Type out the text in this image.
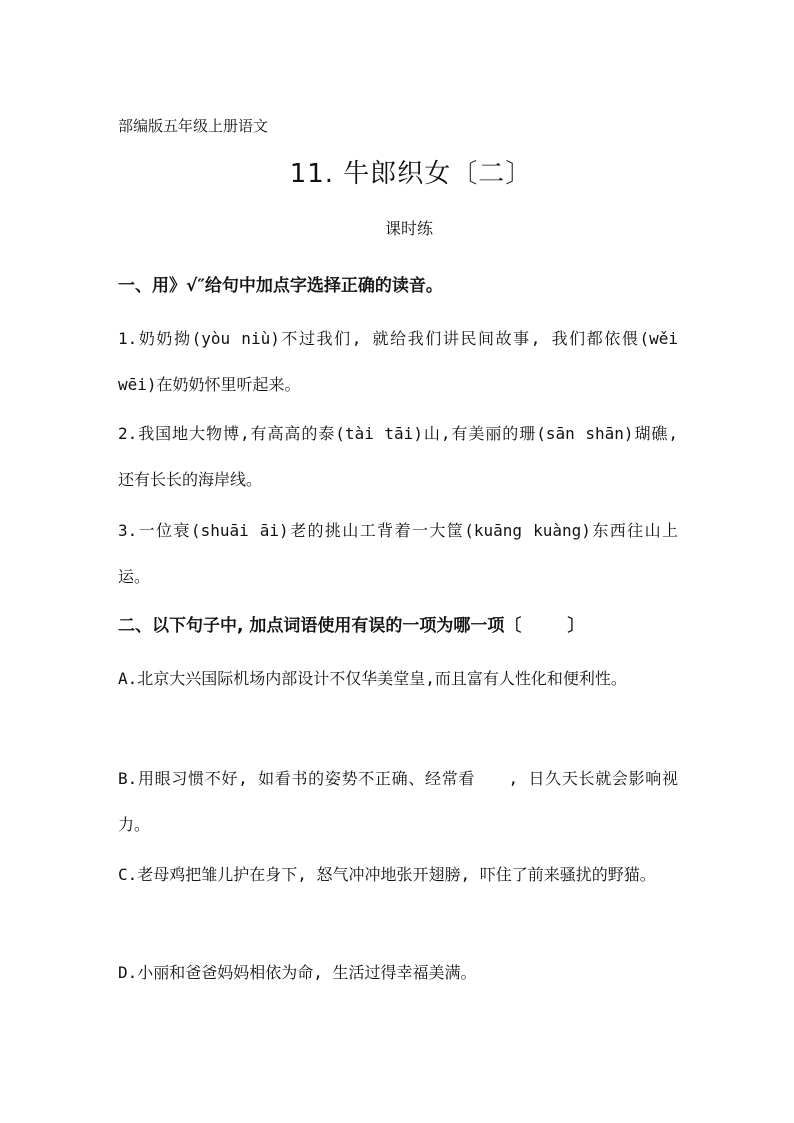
部编版五年级上册语文
11. 牛郎织女〔二〕
课时练
一、用》√″给句中加点字选择正确的读音。
1.奶奶拗(yòu niù)不过我们, 就给我们讲民间故事, 我们都依偎(wěi wēi)在奶奶怀里听起来。
2.我国地大物博,有高高的泰(tài tāi)山,有美丽的珊(sān shān)瑚礁, 还有长长的海岸线。
3.一位衰(shuāi āi)老的挑山工背着一大筐(kuāng kuàng)东西往山上运。
二、以下句子中, 加点词语使用有误的一项为哪一项〔	〕
A.北京大兴国际机场内部设计不仅华美堂皇,而且富有人性化和便利性。
B.用眼习惯不好, 如看书的姿势不正确、经常看　　, 日久天长就会影响视力。
C.老母鸡把雏儿护在身下, 怒气冲冲地张开翅膀, 吓住了前来骚扰的野猫。
D.小丽和爸爸妈妈相依为命, 生活过得幸福美满。
